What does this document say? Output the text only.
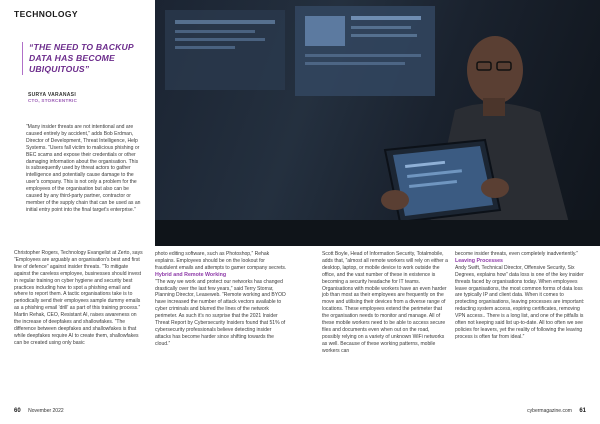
TECHNOLOGY
“THE NEED TO BACKUP DATA HAS BECOME UBIQUITOUS”
SURYA VARANASI
CTO, STORCENTRIC

“Many insider threats are not intentional and are caused entirely by accident,” adds Bob Erdman, Director of Development, Threat Intelligence, Help Systems. “Users fall victim to malicious phishing or BEC scams and expose their credentials or other damaging information about the organisation. This is subsequently used by threat actors to gather intelligence and potentially cause damage to the user's company. This is not only a problem for the employees of the organisation but also can be caused by any third-party partner, contractor or member of the supply chain that can be used as an initial entry point into the final target's enterprise.”

Christopher Rogers, Technology Evangelist at Zerto, says “Employees are arguably an organisation's best and first line of defence” against insider threats. “To mitigate against the careless employee, businesses should invest in regular training on cyber hygiene and security best practices including how to spot a phishing email and where to report them. A tactic organisations take is to periodically send their employees sample dummy emails as a phishing email 'drill' as part of this training process.”

Martin Rehak, CEO, Resistant AI, raises awareness on the increase of deepfakes and shallowfakes. “The difference between deepfakes and shallowfakes is that while deepfakes require AI to create them, shallowfakes can be created using only basic

photo editing software, such as Photoshop,” Rehak explains. Employees should be on the lookout for fraudulent emails and attempts to gamer company secrets.

Hybrid and Remote Working

“The way we work and protect our networks has changed drastically over the last few years,” said Terry Storrar, Planning Director, Leaseweb. “Remote working and BYOD have increased the number of attack vectors available to cyber criminals and blurred the lines of the network perimeter. As such it's no surprise that the 2021 Insider Threat Report by Cybersecurity Insiders found that 51% of cybersecurity professionals believe detecting insider attacks has become harder since shifting towards the cloud.”

Scott Boyle, Head of Information Security, Totalmobile, adds that, “almost all remote workers will rely on either a desktop, laptop, or mobile device to work outside the office, and the vast number of these in existence is becoming a security headache for IT teams. Organisations with mobile workers have an even harder job than most as their employees are frequently on the move and utilising their devices from a diverse range of locations. These employees extend the perimeter that the organisation needs to monitor and manage. All of these mobile workers need to be able to access secure files and documents even when out on the road, possibly relying on a variety of unknown WiFi networks as well. Because of these working patterns, mobile workers can

become insider threats, even completely inadvertently.”

Leaving Processes

Andy Swift, Technical Director, Offensive Security, Six Degrees, explains how” data loss is one of the key insider threats faced by organisations today. When employees leave organisations, the most common forms of data loss are typically IP and client data. When it comes to protecting organisations, leaving processes are important: redacting system access, expiring certificates, removing VPN access.. There is a long list, and one of the pitfalls is often not keeping said list up-to-date. All too often we see policies for leavers, yet the reality of following the leaving process is often far from ideal.”

60 November 2022	cybermagazine.com 61
